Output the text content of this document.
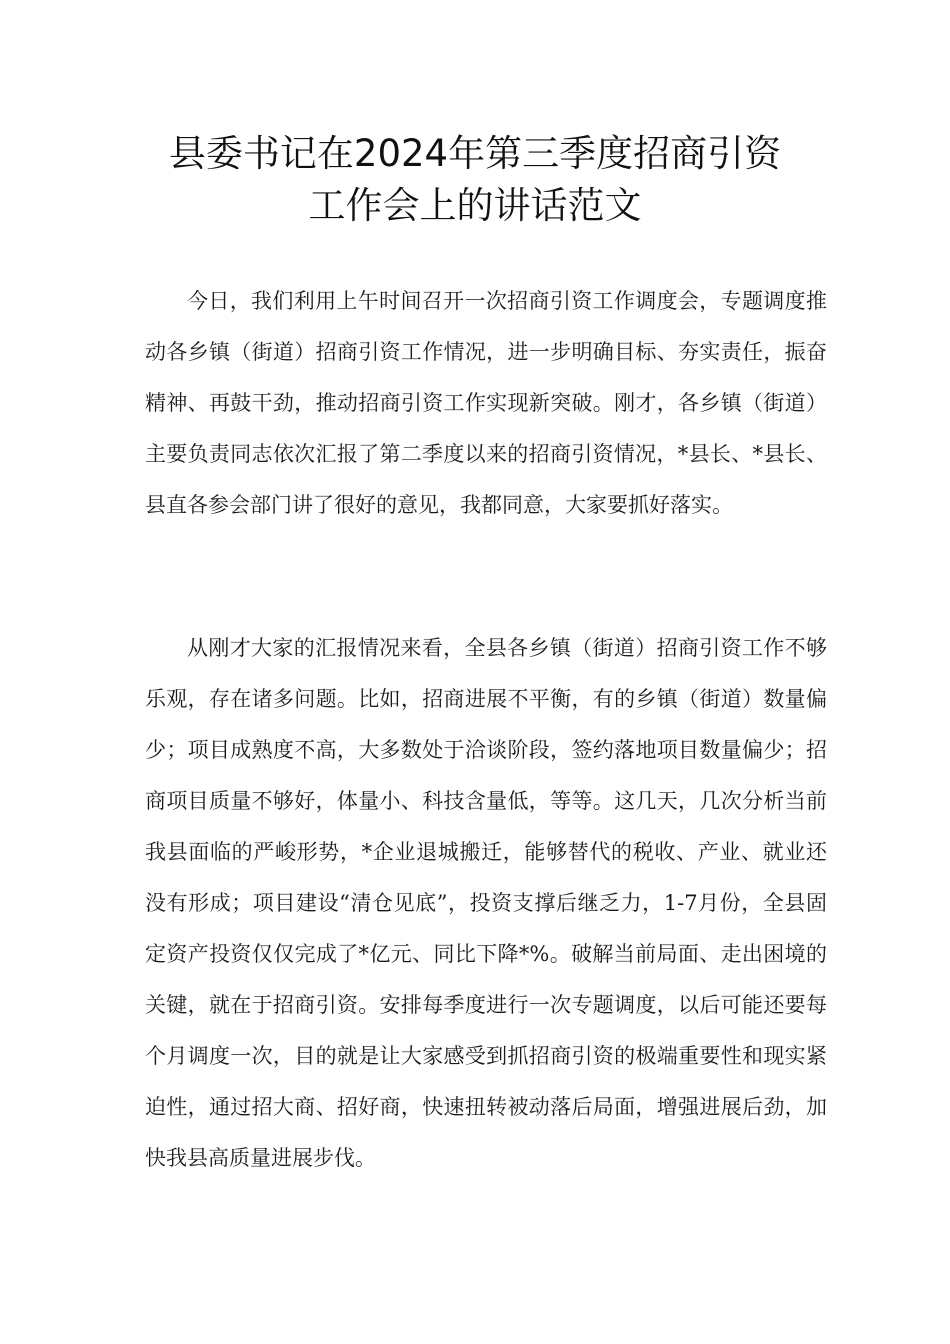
县委书记在2024年第三季度招商引资
工作会上的讲话范文

今日，我们利用上午时间召开一次招商引资工作调度会，专题调度推动各乡镇（街道）招商引资工作情况，进一步明确目标、夯实责任，振奋精神、再鼓干劲，推动招商引资工作实现新突破。刚才，各乡镇（街道）主要负责同志依次汇报了第二季度以来的招商引资情况，*县长、*县长、县直各参会部门讲了很好的意见，我都同意，大家要抓好落实。

从刚才大家的汇报情况来看，全县各乡镇（街道）招商引资工作不够乐观，存在诸多问题。比如，招商进展不平衡，有的乡镇（街道）数量偏少；项目成熟度不高，大多数处于洽谈阶段，签约落地项目数量偏少；招商项目质量不够好，体量小、科技含量低，等等。这几天，几次分析当前我县面临的严峻形势，*企业退城搬迁，能够替代的税收、产业、就业还没有形成；项目建设“清仓见底”，投资支撑后继乏力，1-7月份，全县固定资产投资仅仅完成了*亿元、同比下降*%。破解当前局面、走出困境的关键，就在于招商引资。安排每季度进行一次专题调度，以后可能还要每个月调度一次，目的就是让大家感受到抓招商引资的极端重要性和现实紧迫性，通过招大商、招好商，快速扭转被动落后局面，增强进展后劲，加快我县高质量进展步伐。
